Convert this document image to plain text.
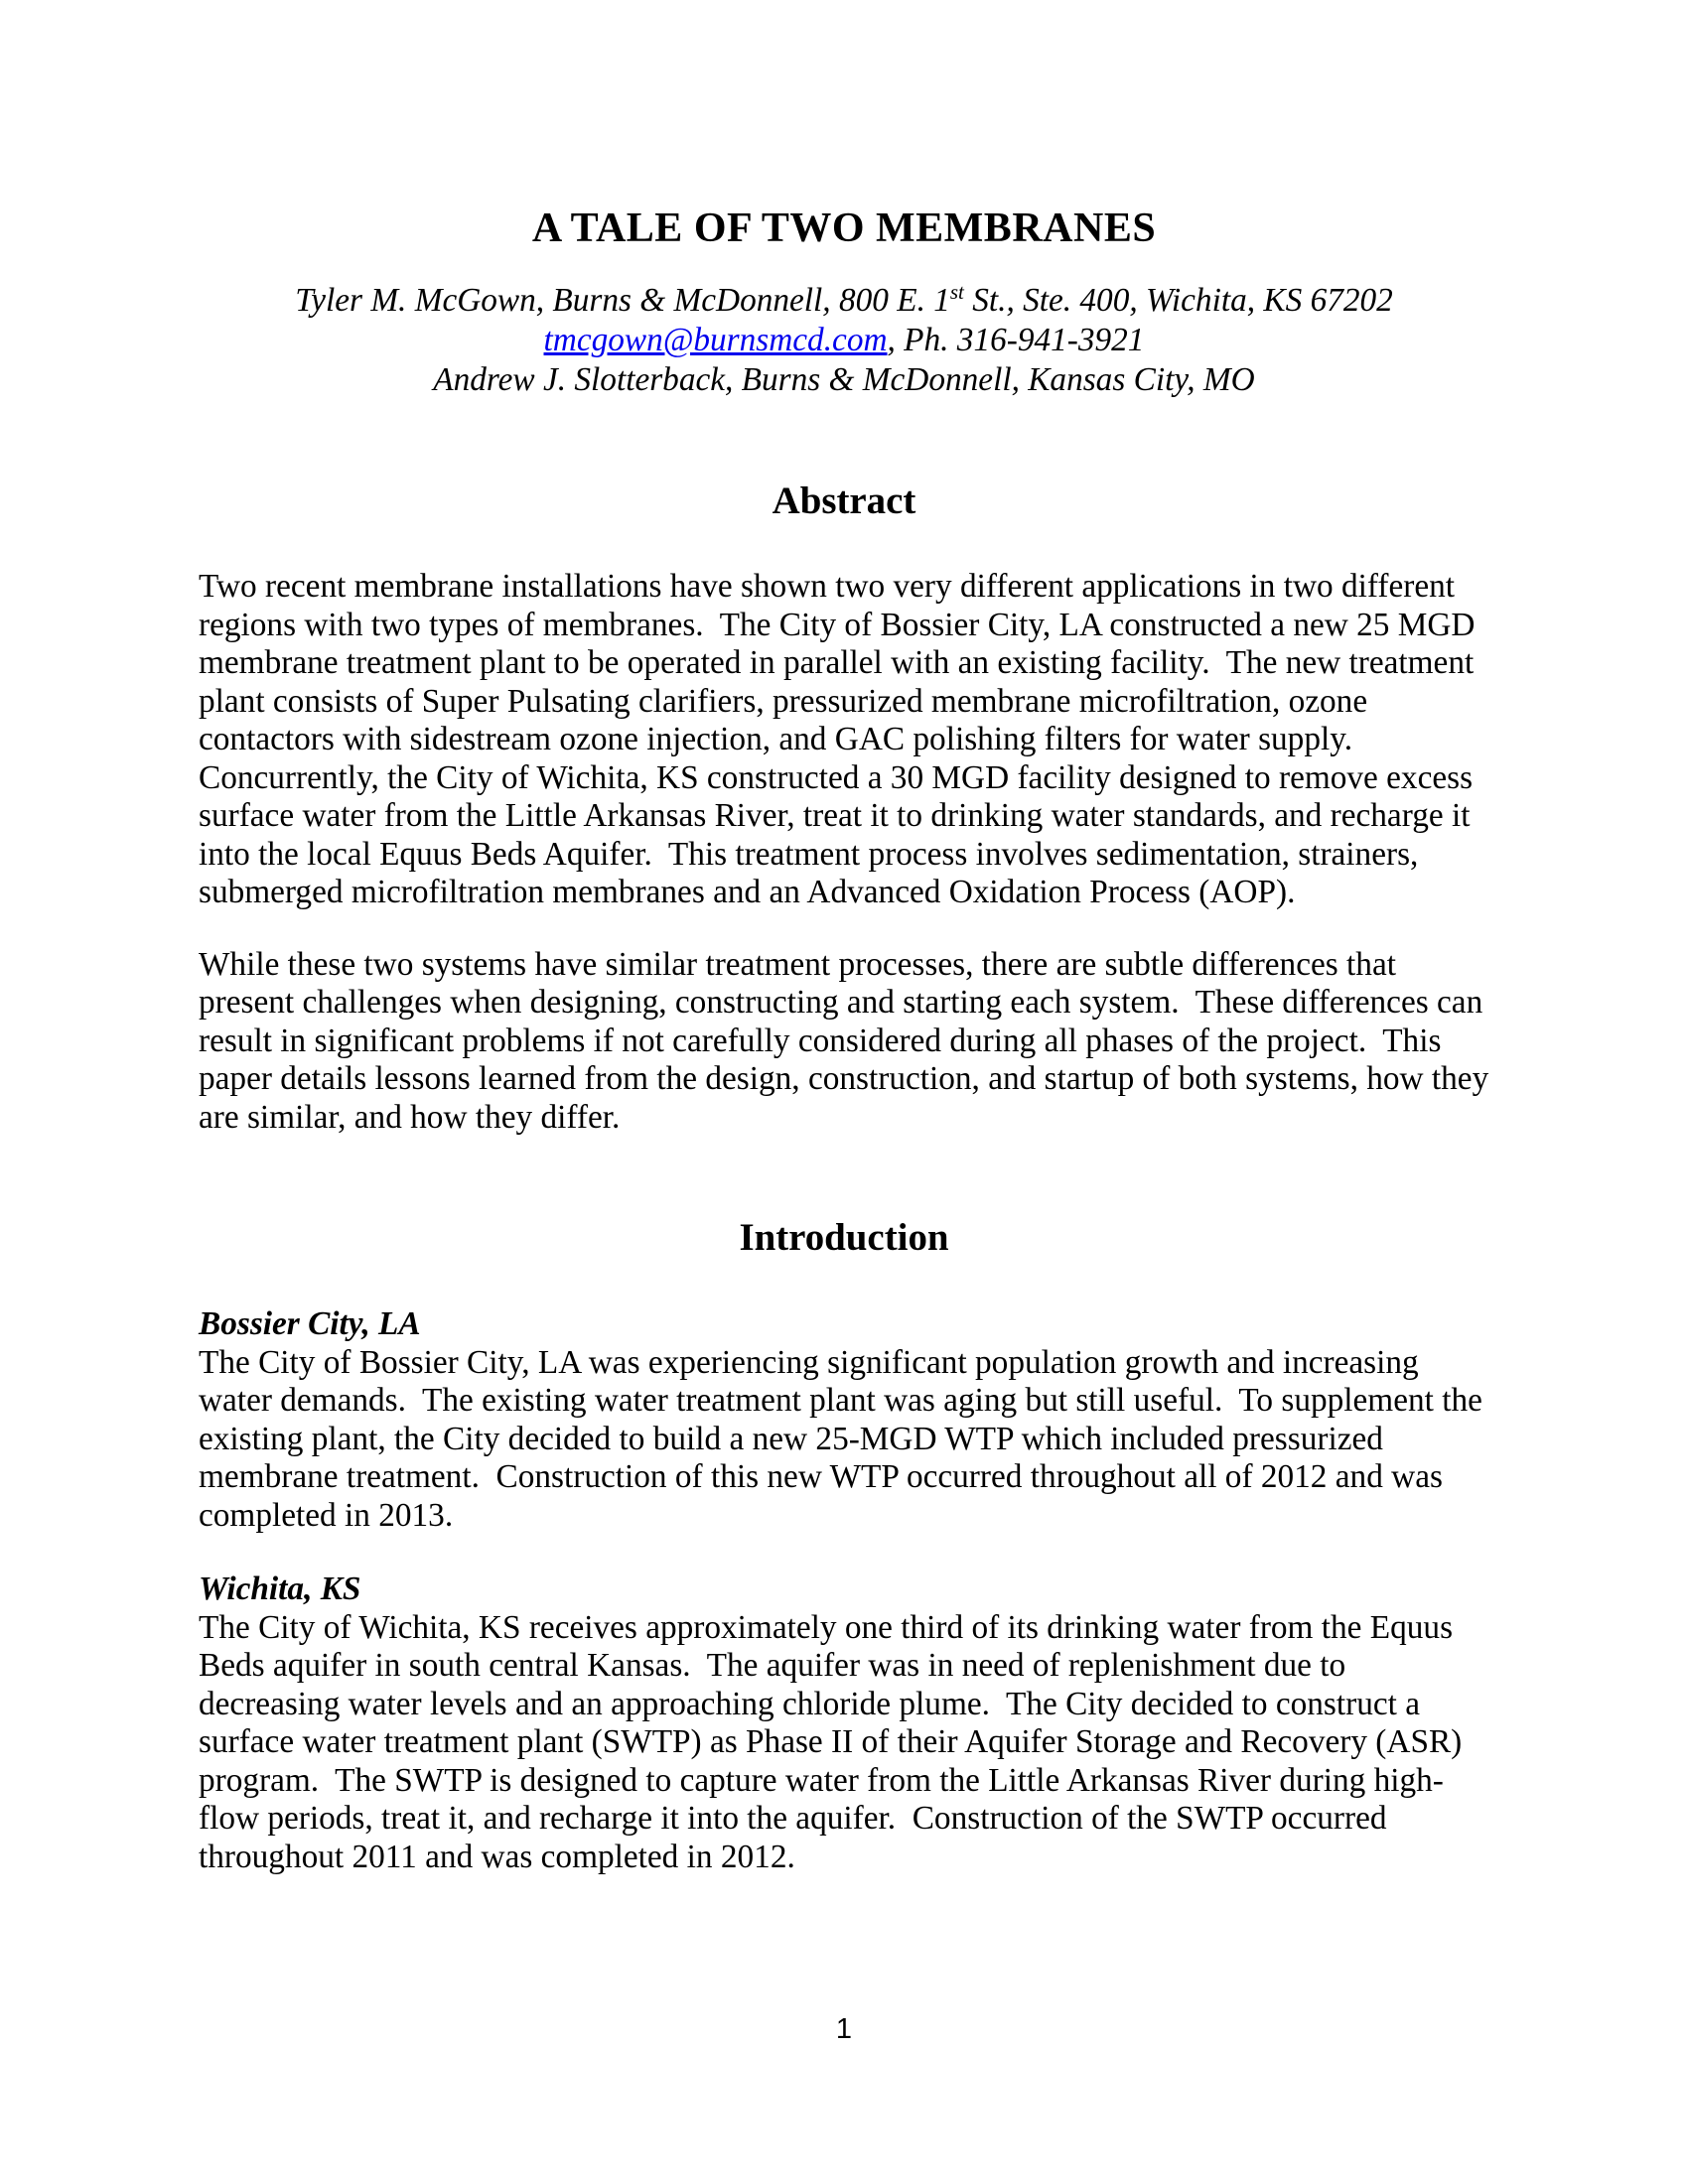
A TALE OF TWO MEMBRANES
Tyler M. McGown, Burns & McDonnell, 800 E. 1st St., Ste. 400, Wichita, KS 67202
tmcgown@burnsmcd.com, Ph. 316-941-3921
Andrew J. Slotterback, Burns & McDonnell, Kansas City, MO
Abstract
Two recent membrane installations have shown two very different applications in two different regions with two types of membranes.  The City of Bossier City, LA constructed a new 25 MGD membrane treatment plant to be operated in parallel with an existing facility.  The new treatment plant consists of Super Pulsating clarifiers, pressurized membrane microfiltration, ozone contactors with sidestream ozone injection, and GAC polishing filters for water supply.  Concurrently, the City of Wichita, KS constructed a 30 MGD facility designed to remove excess surface water from the Little Arkansas River, treat it to drinking water standards, and recharge it into the local Equus Beds Aquifer.  This treatment process involves sedimentation, strainers, submerged microfiltration membranes and an Advanced Oxidation Process (AOP).
While these two systems have similar treatment processes, there are subtle differences that present challenges when designing, constructing and starting each system.  These differences can result in significant problems if not carefully considered during all phases of the project.  This paper details lessons learned from the design, construction, and startup of both systems, how they are similar, and how they differ.
Introduction
Bossier City, LA
The City of Bossier City, LA was experiencing significant population growth and increasing water demands.  The existing water treatment plant was aging but still useful.  To supplement the existing plant, the City decided to build a new 25-MGD WTP which included pressurized membrane treatment.  Construction of this new WTP occurred throughout all of 2012 and was completed in 2013.
Wichita, KS
The City of Wichita, KS receives approximately one third of its drinking water from the Equus Beds aquifer in south central Kansas.  The aquifer was in need of replenishment due to decreasing water levels and an approaching chloride plume.  The City decided to construct a surface water treatment plant (SWTP) as Phase II of their Aquifer Storage and Recovery (ASR) program.  The SWTP is designed to capture water from the Little Arkansas River during high-flow periods, treat it, and recharge it into the aquifer.  Construction of the SWTP occurred throughout 2011 and was completed in 2012.
1
